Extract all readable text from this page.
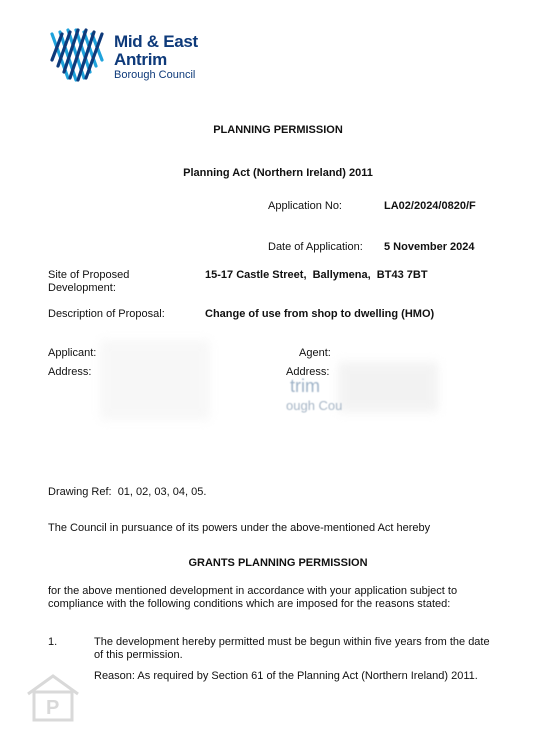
Mid & East
Antrim
Borough Council
PLANNING PERMISSION
Planning Act (Northern Ireland) 2011
Application No:	LA02/2024/0820/F
Date of Application: 5 November 2024
Site of Proposed
Development:
15-17 Castle Street,  Ballymena,  BT43 7BT
Description of Proposal:	Change of use from shop to dwelling (HMO)
Applicant:
Address:
Agent:
Address:
trim
ough Cou
Drawing Ref:  01, 02, 03, 04, 05.
The Council in pursuance of its powers under the above-mentioned Act hereby
GRANTS PLANNING PERMISSION
for the above mentioned development in accordance with your application subject to
compliance with the following conditions which are imposed for the reasons stated:
1.	The development hereby permitted must be begun within five years from the date
of this permission.
Reason: As required by Section 61 of the Planning Act (Northern Ireland) 2011.
P
